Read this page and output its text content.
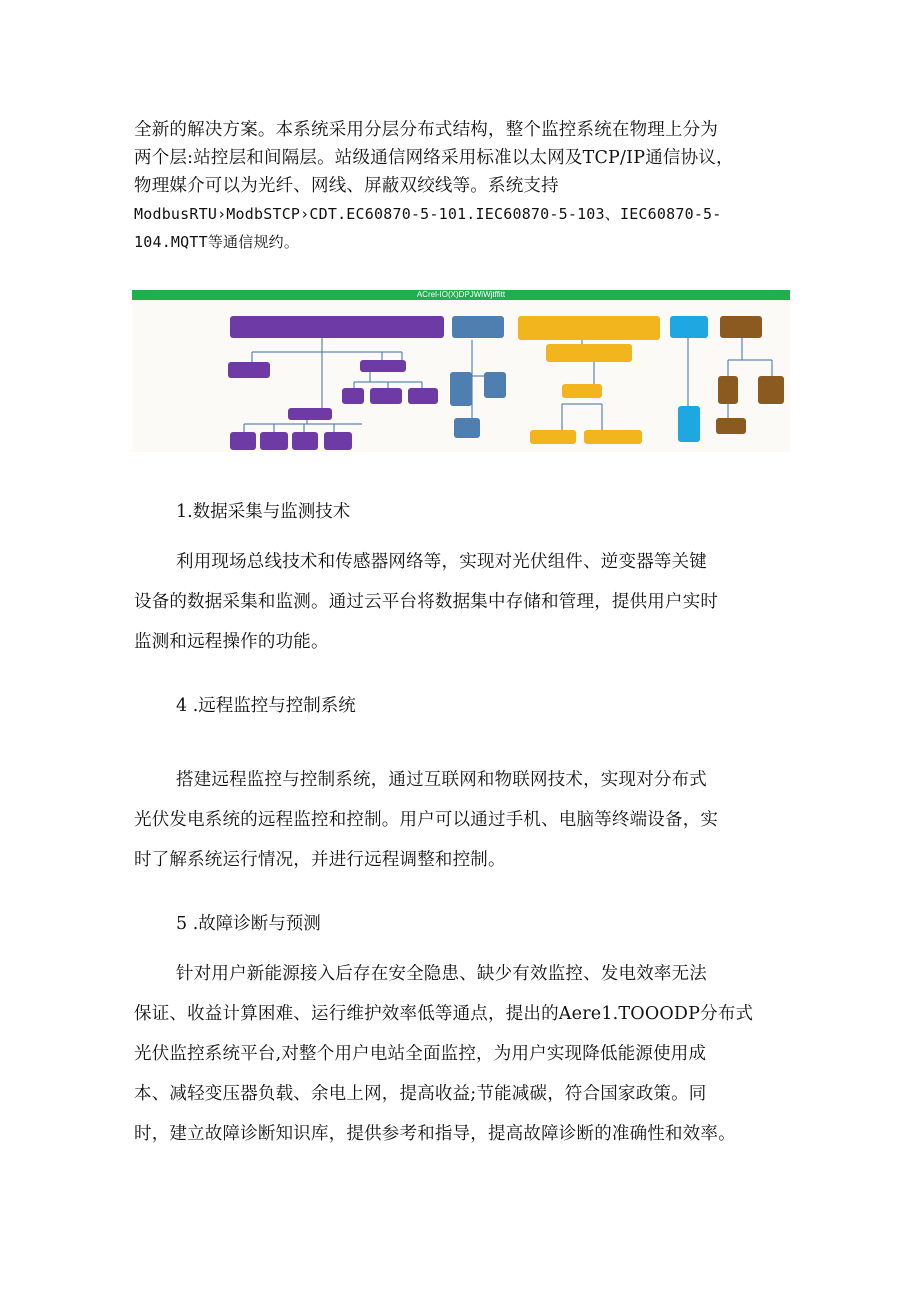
全新的解决方案。本系统采用分层分布式结构，整个监控系统在物理上分为
两个层:站控层和间隔层。站级通信网络采用标准以太网及TCP/IP通信协议，
物理媒介可以为光纤、网线、屏蔽双绞线等。系统支持
ModbusRTU›ModbSTCP›CDT.EC60870-5-101.IEC60870-5-103、IEC60870-5-
104.MQTT等通信规约。
ACrel-IO(X)DPJWiWjtffitt
1.数据采集与监测技术
利用现场总线技术和传感器网络等，实现对光伏组件、逆变器等关键
设备的数据采集和监测。通过云平台将数据集中存储和管理，提供用户实时
监测和远程操作的功能。
4 .远程监控与控制系统
搭建远程监控与控制系统，通过互联网和物联网技术，实现对分布式
光伏发电系统的远程监控和控制。用户可以通过手机、电脑等终端设备，实
时了解系统运行情况，并进行远程调整和控制。
5 .故障诊断与预测
针对用户新能源接入后存在安全隐患、缺少有效监控、发电效率无法
保证、收益计算困难、运行维护效率低等通点，提出的Aere1.TOOODP分布式
光伏监控系统平台,对整个用户电站全面监控，为用户实现降低能源使用成
本、减轻变压器负载、余电上网，提高收益;节能减碳，符合国家政策。同
时，建立故障诊断知识库，提供参考和指导，提高故障诊断的准确性和效率。
